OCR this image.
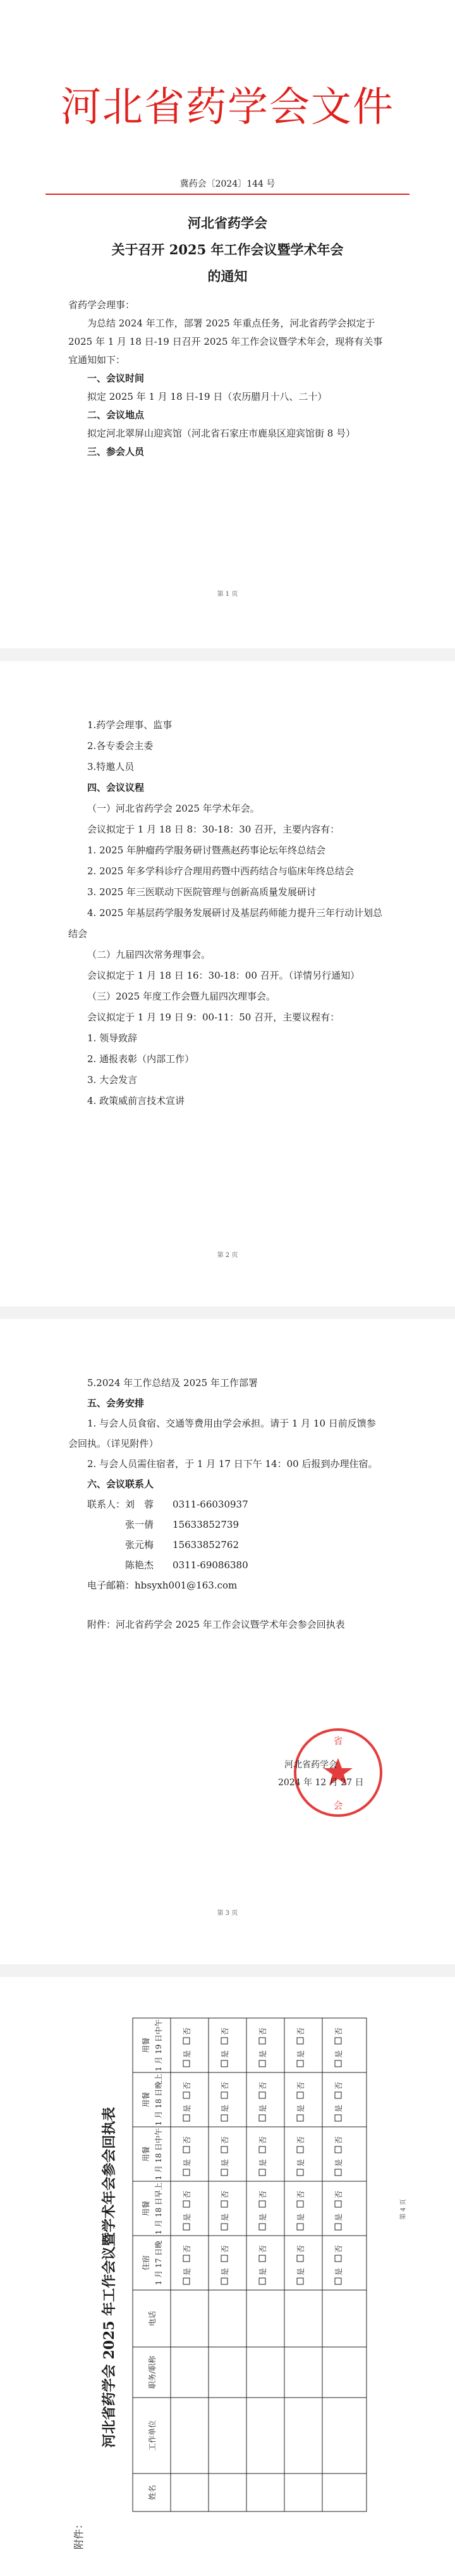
河北省药学会文件
冀药会〔2024〕144 号
河北省药学会
关于召开 2025 年工作会议暨学术年会
的通知

省药学会理事：

为总结 2024 年工作，部署 2025 年重点任务，河北省药学会拟定于 2025 年 1 月 18 日-19 日召开 2025 年工作会议暨学术年会，现将有关事宜通知如下：

一、会议时间

拟定 2025 年 1 月 18 日-19 日（农历腊月十八、二十）

二、会议地点

拟定河北翠屏山迎宾馆（河北省石家庄市鹿泉区迎宾馆街 8 号）

三、参会人员

第 1 页

1.药学会理事、监事

2.各专委会主委

3.特邀人员

四、会议议程

（一）河北省药学会 2025 年学术年会。

会议拟定于 1 月 18 日 8：30-18：30 召开，主要内容有：

1. 2025 年肿瘤药学服务研讨暨燕赵药事论坛年终总结会

2. 2025 年多学科诊疗合理用药暨中西药结合与临床年终总结会

3. 2025 年三医联动下医院管理与创新高质量发展研讨

4. 2025 年基层药学服务发展研讨及基层药师能力提升三年行动计划总结会

（二）九届四次常务理事会。

会议拟定于 1 月 18 日 16：30-18：00 召开。（详情另行通知）

（三）2025 年度工作会暨九届四次理事会。

会议拟定于 1 月 19 日 9：00-11：50 召开，主要议程有：

1. 领导致辞

2. 通报表彰（内部工作）

3. 大会发言

4. 政策威前言技术宣讲

第 2 页

5.2024 年工作总结及 2025 年工作部署

五、会务安排

1. 与会人员食宿、交通等费用由学会承担。请于 1 月 10 日前反馈参会回执。（详见附件）

2. 与会人员需住宿者，于 1 月 17 日下午 14：00 后报到办理住宿。

六、会议联系人

联系人：刘　蓉　　 0311-66030937
张一倩　　 15633852739
张元梅　　 15633852762
陈艳杰　　 0311-69086380

电子邮箱：hbsyxh001@163.com

附件：河北省药学会 2025 年工作会议暨学术年会参会回执表

省
会
河北省药学会
2024 年 12 月 27 日
第 3 页
附件：
河北省药学会 2025 年工作会议暨学术年会参会回执表
姓名
工作单位
职务/职称
电话
住宿 1 月 17 日晚
用餐 1 月 18 日早上
用餐 1 月 18 日中午
用餐 1 月 18 日晚上
用餐 1 月 19 日中午
是
否
是
否
是
否
是
否
是
否
是
否
是
否
是
否
是
否
是
否
是
否
是
否
是
否
是
否
是
否
是
否
是
否
是
否
是
否
是
否
是
否
是
否
是
否
是
否
是
否
第 4 页
